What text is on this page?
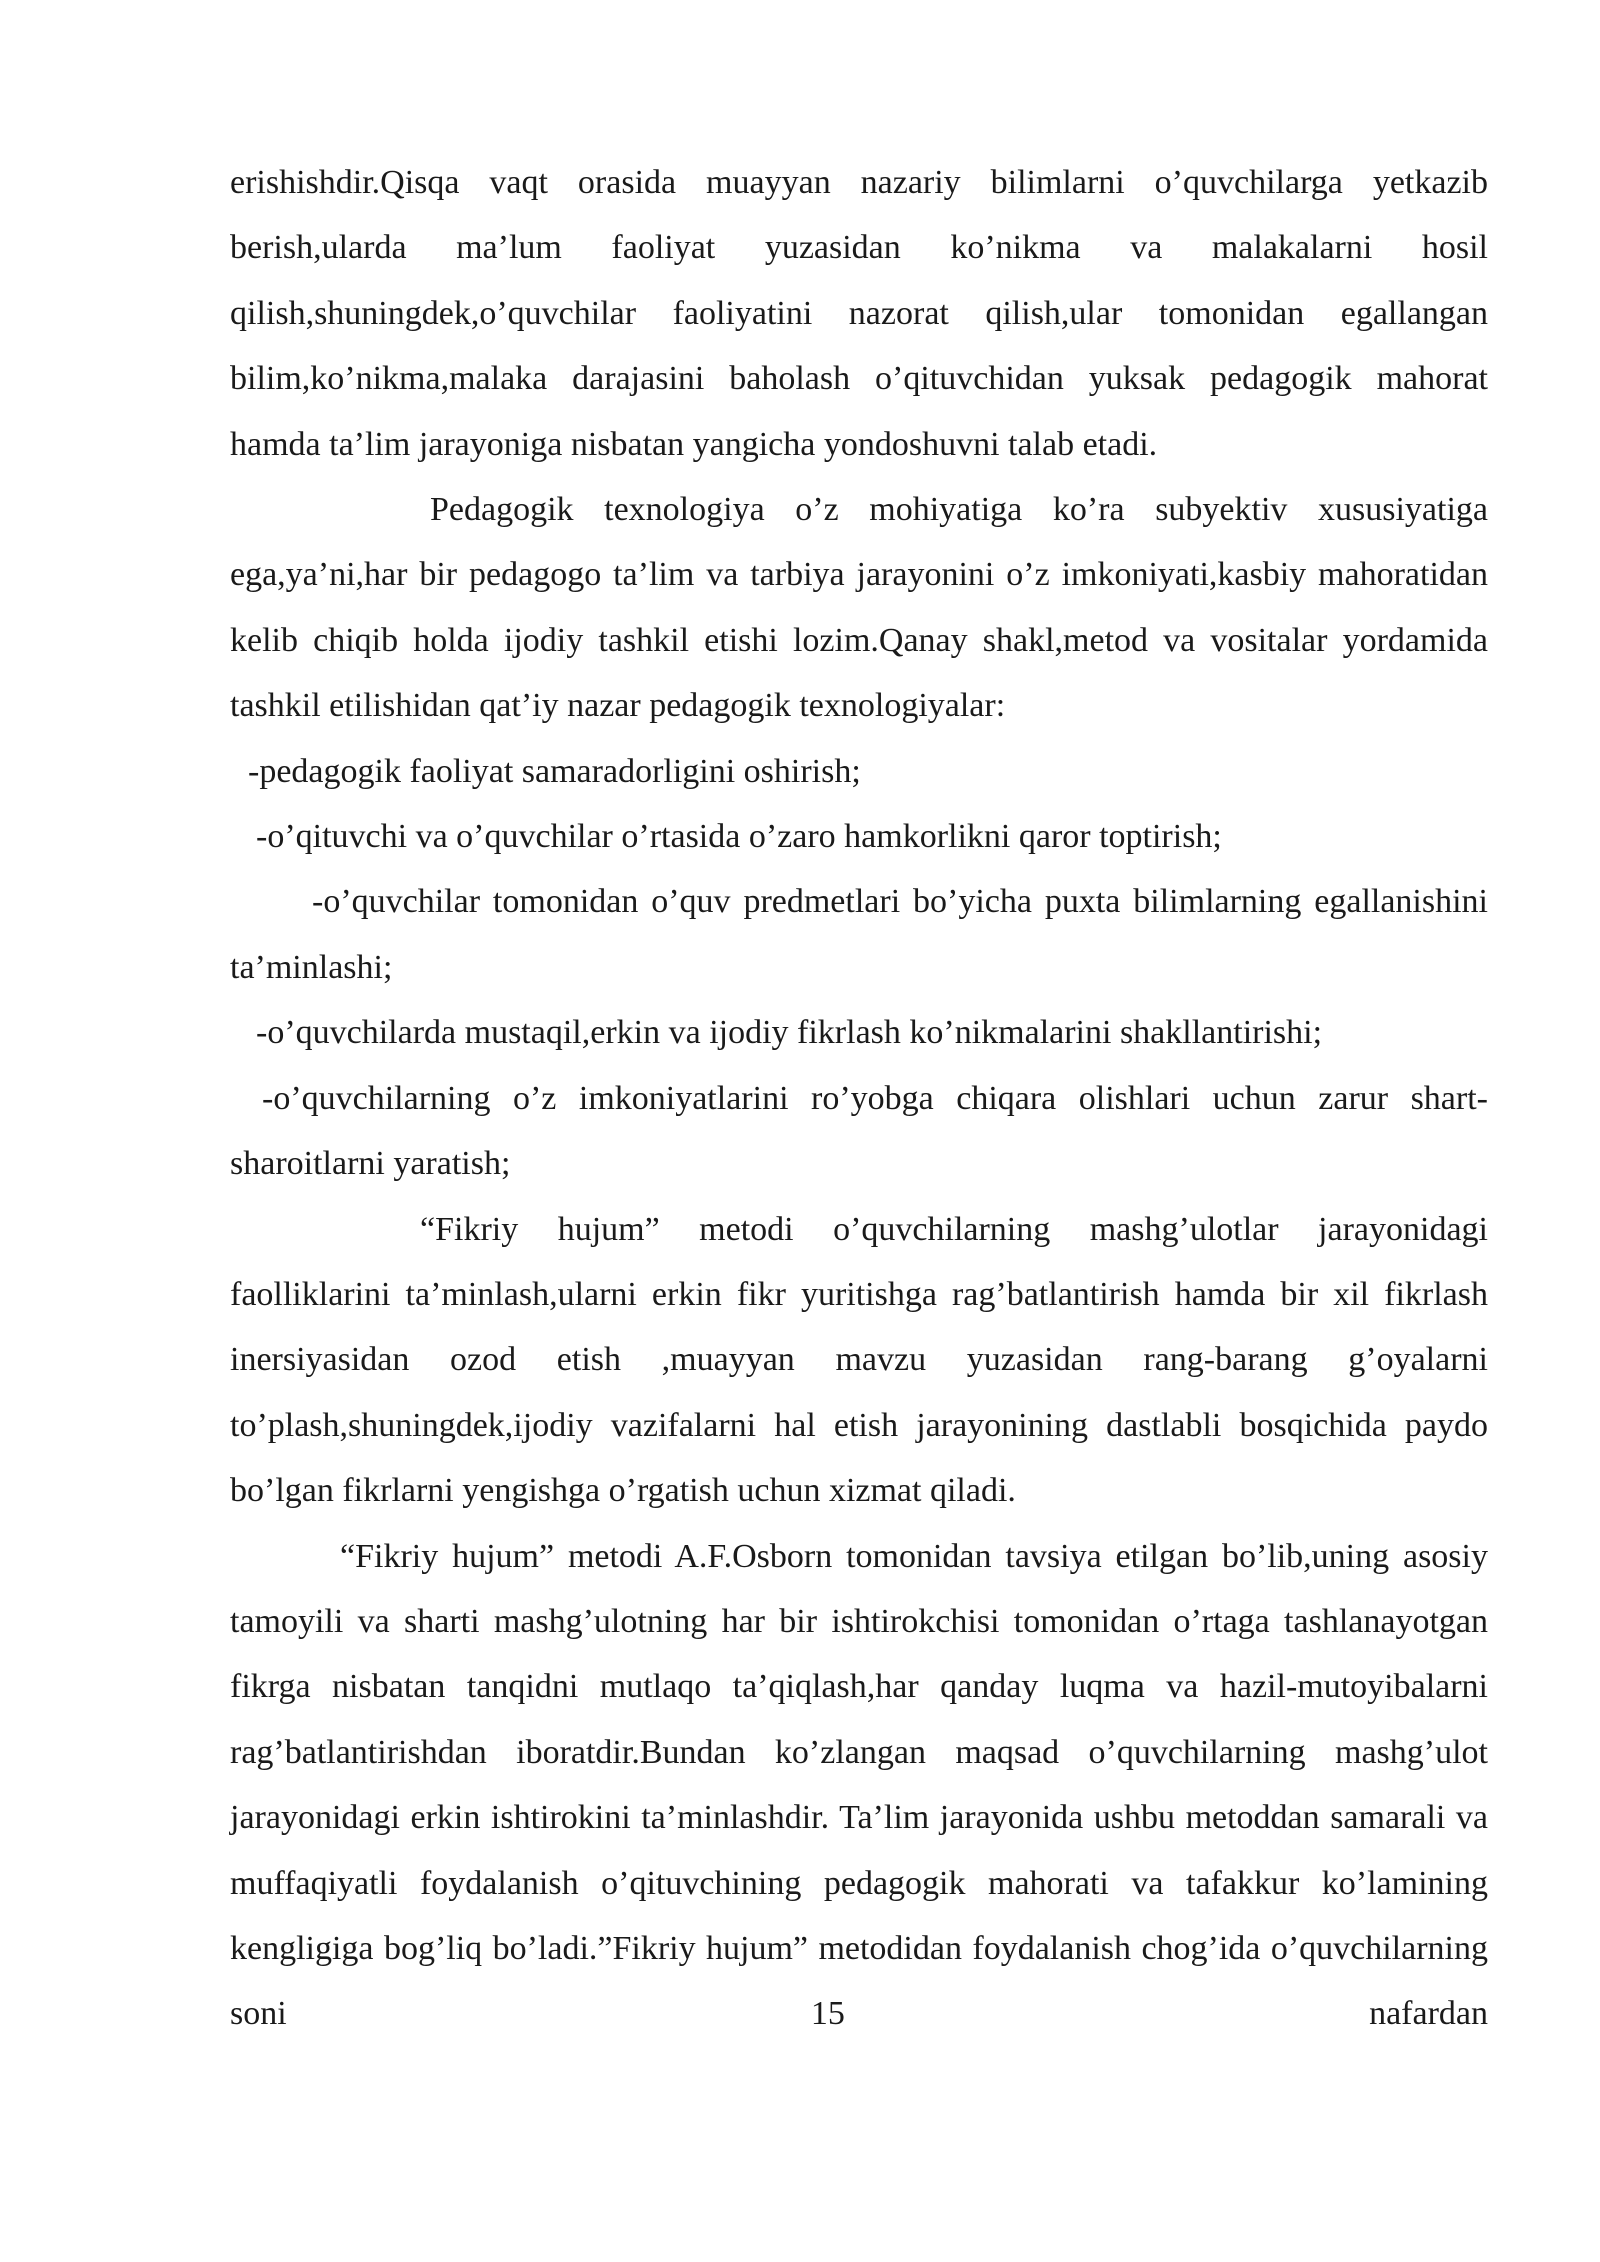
erishishdir.Qisqa vaqt orasida muayyan nazariy bilimlarni o’quvchilarga yetkazib berish,ularda ma’lum faoliyat yuzasidan ko’nikma va malakalarni hosil qilish,shuningdek,o’quvchilar faoliyatini nazorat qilish,ular tomonidan egallangan bilim,ko’nikma,malaka darajasini baholash o’qituvchidan yuksak pedagogik mahorat hamda ta’lim jarayoniga nisbatan yangicha yondoshuvni talab etadi.

Pedagogik texnologiya o’z mohiyatiga ko’ra subyektiv xususiyatiga ega,ya’ni,har bir pedagogo ta’lim va tarbiya jarayonini o’z imkoniyati,kasbiy mahoratidan kelib chiqib holda ijodiy tashkil etishi lozim.Qanay shakl,metod va vositalar yordamida tashkil etilishidan qat’iy nazar pedagogik texnologiyalar:

-pedagogik faoliyat samaradorligini oshirish;

-o’qituvchi va o’quvchilar o’rtasida o’zaro hamkorlikni qaror toptirish;

-o’quvchilar tomonidan o’quv predmetlari bo’yicha puxta bilimlarning egallanishini ta’minlashi;

-o’quvchilarda mustaqil,erkin va ijodiy fikrlash ko’nikmalarini shakllantirishi;

-o’quvchilarning o’z imkoniyatlarini ro’yobga chiqara olishlari uchun zarur shart-sharoitlarni yaratish;

“Fikriy hujum” metodi o’quvchilarning mashg’ulotlar jarayonidagi faolliklarini ta’minlash,ularni erkin fikr yuritishga rag’batlantirish hamda bir xil fikrlash inersiyasidan ozod etish ,muayyan mavzu yuzasidan rang-barang g’oyalarni to’plash,shuningdek,ijodiy vazifalarni hal etish jarayonining dastlabli bosqichida paydo bo’lgan fikrlarni yengishga o’rgatish uchun xizmat qiladi.

“Fikriy hujum” metodi A.F.Osborn tomonidan tavsiya etilgan bo’lib,uning asosiy tamoyili va sharti mashg’ulotning har bir ishtirokchisi tomonidan o’rtaga tashlanayotgan fikrga nisbatan tanqidni mutlaqo ta’qiqlash,har qanday luqma va hazil-mutoyibalarni rag’batlantirishdan iboratdir.Bundan ko’zlangan maqsad o’quvchilarning mashg’ulot jarayonidagi erkin ishtirokini ta’minlashdir. Ta’lim jarayonida ushbu metoddan samarali va muffaqiyatli foydalanish o’qituvchining pedagogik mahorati va tafakkur ko’lamining kengligiga bog’liq bo’ladi.”Fikriy hujum” metodidan foydalanish chog’ida o’quvchilarning soni 15 nafardan
